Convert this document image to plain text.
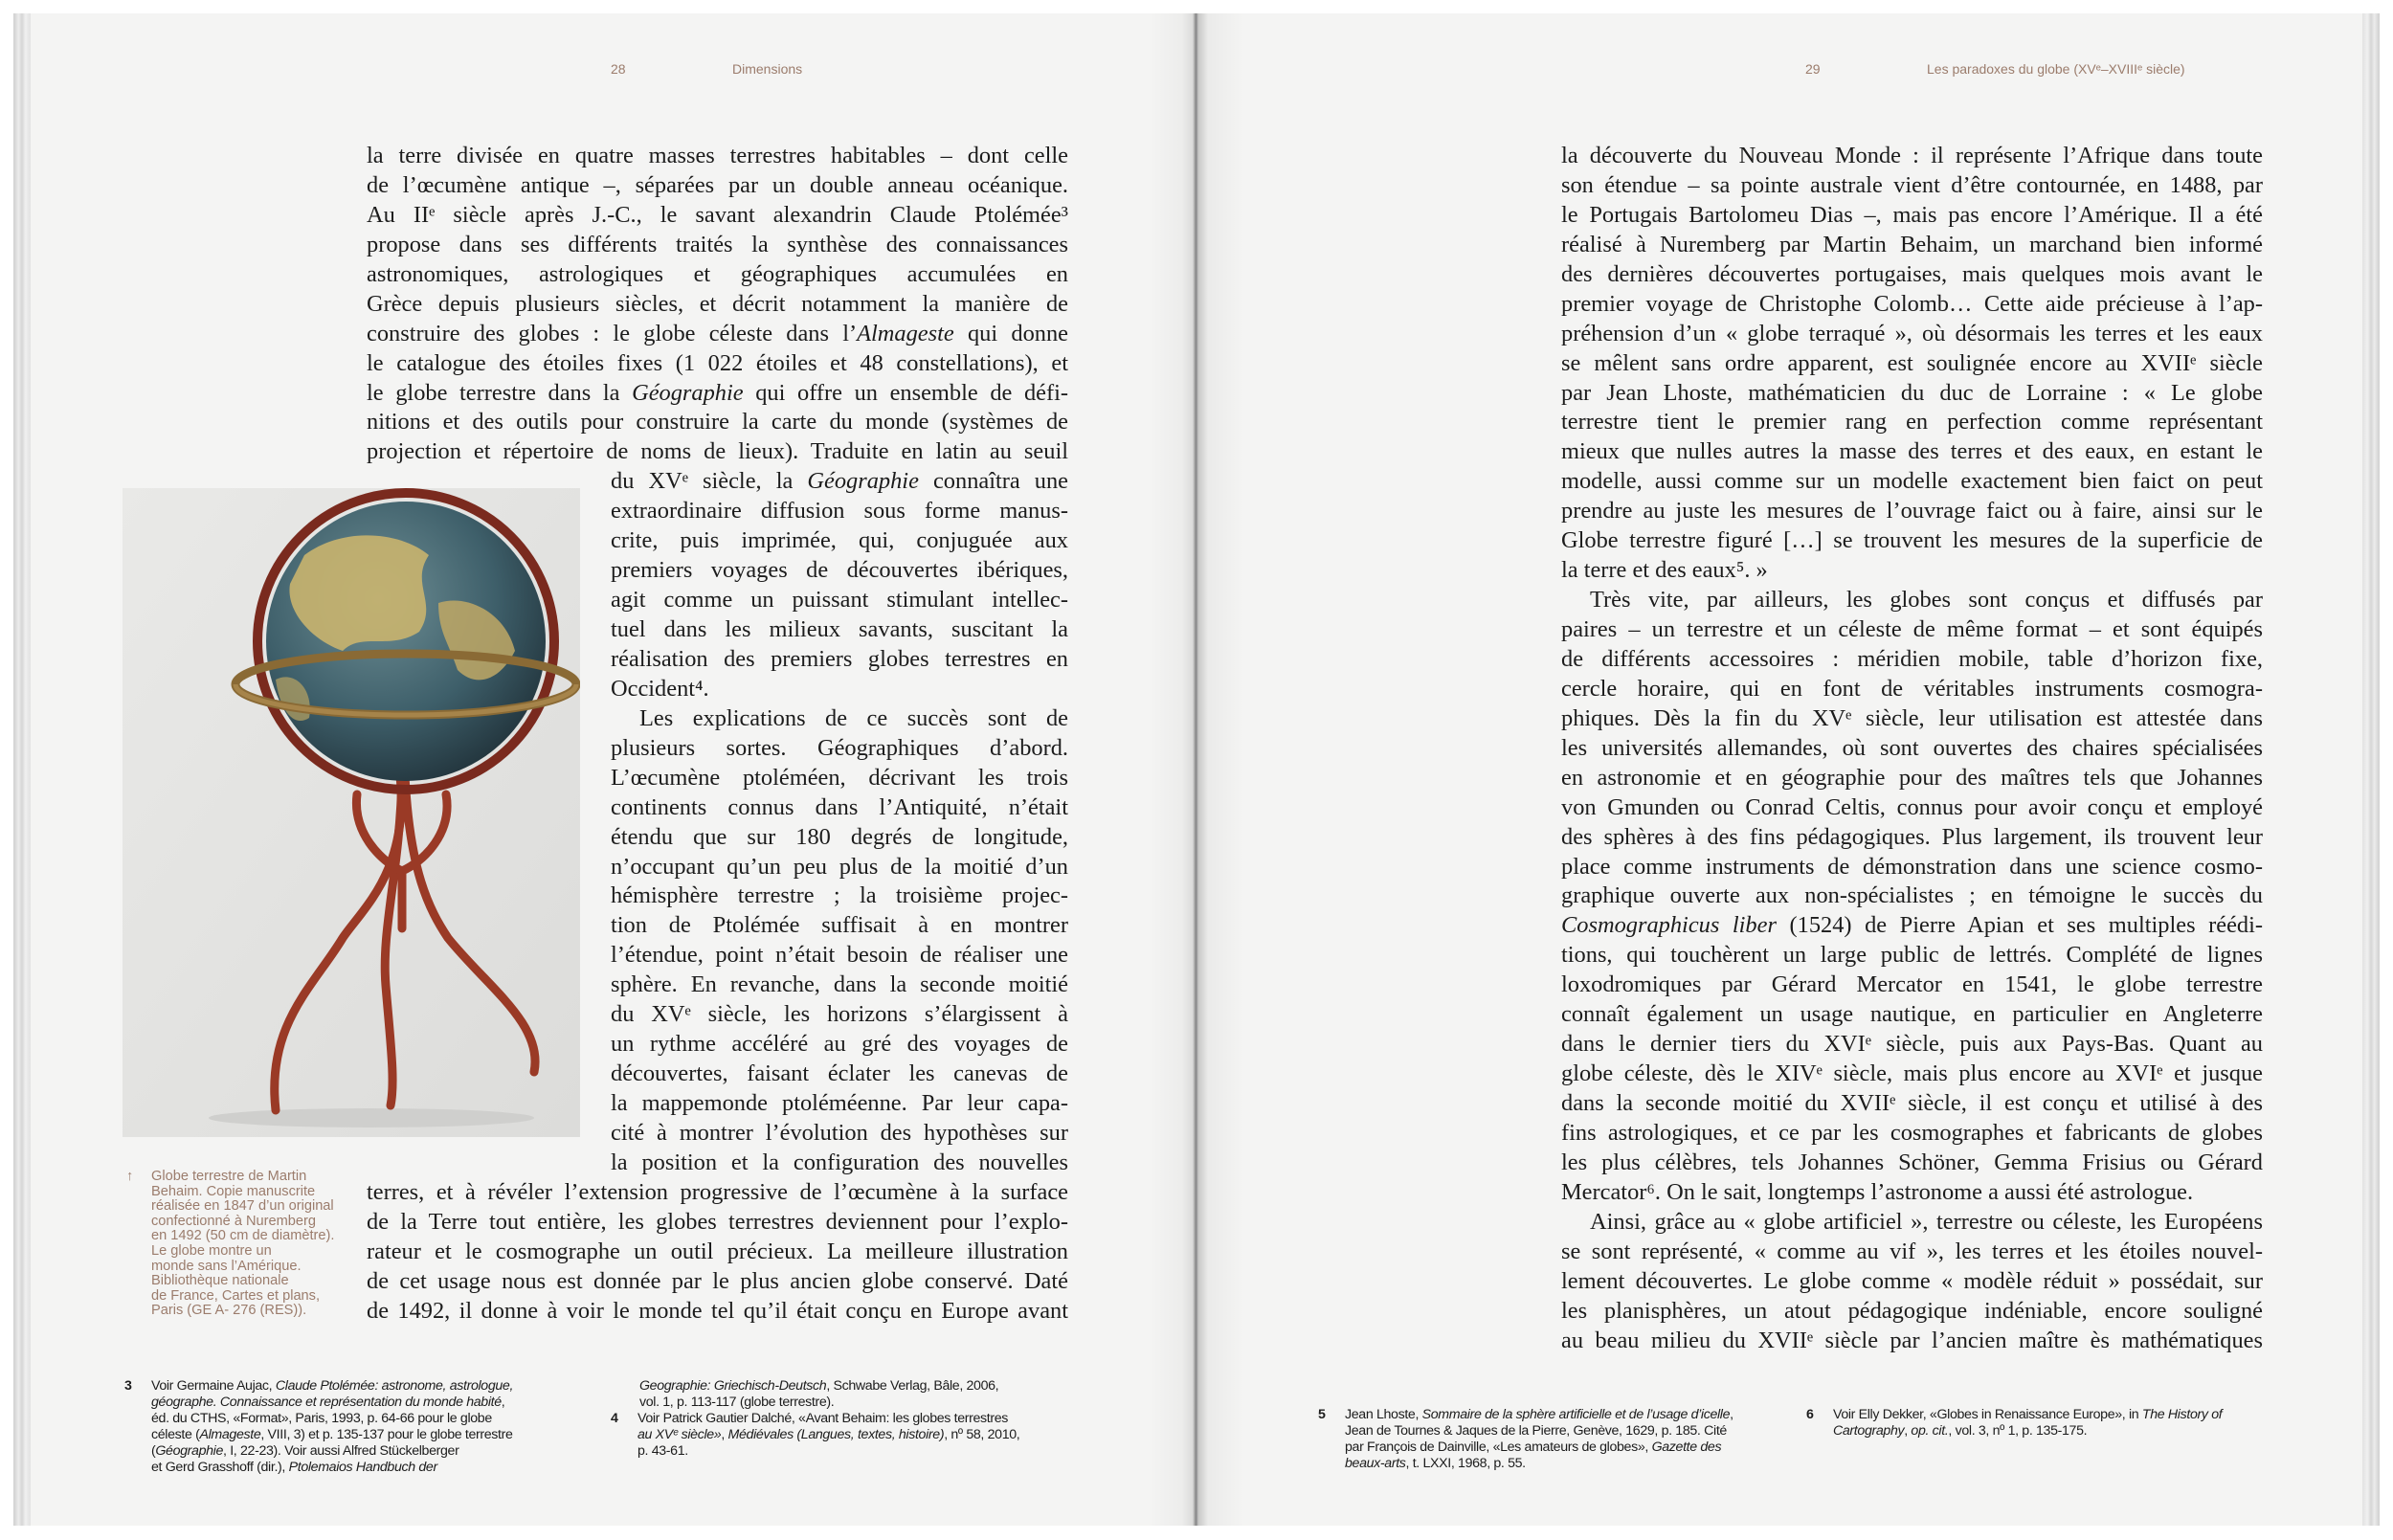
28	Dimensions	29	Les paradoxes du globe (XVᵉ–XVIIIᵉ siècle)
la terre divisée en quatre masses terrestres habitables – dont celle
de l’œcumène antique –, séparées par un double anneau océanique.
Au IIᵉ siècle après J.-C., le savant alexandrin Claude Ptolémée³
propose dans ses différents traités la synthèse des connaissances
astronomiques, astrologiques et géographiques accumulées en
Grèce depuis plusieurs siècles, et décrit notamment la manière de
construire des globes : le globe céleste dans l’Almageste qui donne
le catalogue des étoiles fixes (1 022 étoiles et 48 constellations), et
le globe terrestre dans la Géographie qui offre un ensemble de défi-
nitions et des outils pour construire la carte du monde (systèmes de
projection et répertoire de noms de lieux). Traduite en latin au seuil
du XVᵉ siècle, la Géographie connaîtra une
extraordinaire diffusion sous forme manus-
crite, puis imprimée, qui, conjuguée aux
premiers voyages de découvertes ibériques,
agit comme un puissant stimulant intellec-
tuel dans les milieux savants, suscitant la
réalisation des premiers globes terrestres en
Occident⁴.
Les explications de ce succès sont de
plusieurs sortes. Géographiques d’abord.
L’œcumène ptoléméen, décrivant les trois
continents connus dans l’Antiquité, n’était
étendu que sur 180 degrés de longitude,
n’occupant qu’un peu plus de la moitié d’un
hémisphère terrestre ; la troisième projec-
tion de Ptolémée suffisait à en montrer
l’étendue, point n’était besoin de réaliser une
sphère. En revanche, dans la seconde moitié
du XVᵉ siècle, les horizons s’élargissent à
un rythme accéléré au gré des voyages de
découvertes, faisant éclater les canevas de
la mappemonde ptoléméenne. Par leur capa-
cité à montrer l’évolution des hypothèses sur
la position et la configuration des nouvelles
terres, et à révéler l’extension progressive de l’œcumène à la surface
de la Terre tout entière, les globes terrestres deviennent pour l’explo-
rateur et le cosmographe un outil précieux. La meilleure illustration
de cet usage nous est donnée par le plus ancien globe conservé. Daté
de 1492, il donne à voir le monde tel qu’il était conçu en Europe avant
la découverte du Nouveau Monde : il représente l’Afrique dans toute
son étendue – sa pointe australe vient d’être contournée, en 1488, par
le Portugais Bartolomeu Dias –, mais pas encore l’Amérique. Il a été
réalisé à Nuremberg par Martin Behaim, un marchand bien informé
des dernières découvertes portugaises, mais quelques mois avant le
premier voyage de Christophe Colomb… Cette aide précieuse à l’ap-
préhension d’un « globe terraqué », où désormais les terres et les eaux
se mêlent sans ordre apparent, est soulignée encore au XVIIᵉ siècle
par Jean Lhoste, mathématicien du duc de Lorraine : « Le globe
terrestre tient le premier rang en perfection comme représentant
mieux que nulles autres la masse des terres et des eaux, en estant le
modelle, aussi comme sur un modelle exactement bien faict on peut
prendre au juste les mesures de l’ouvrage faict ou à faire, ainsi sur le
Globe terrestre figuré […] se trouvent les mesures de la superficie de
la terre et des eaux⁵. »
Très vite, par ailleurs, les globes sont conçus et diffusés par
paires – un terrestre et un céleste de même format – et sont équipés
de différents accessoires : méridien mobile, table d’horizon fixe,
cercle horaire, qui en font de véritables instruments cosmogra-
phiques. Dès la fin du XVᵉ siècle, leur utilisation est attestée dans
les universités allemandes, où sont ouvertes des chaires spécialisées
en astronomie et en géographie pour des maîtres tels que Johannes
von Gmunden ou Conrad Celtis, connus pour avoir conçu et employé
des sphères à des fins pédagogiques. Plus largement, ils trouvent leur
place comme instruments de démonstration dans une science cosmo-
graphique ouverte aux non-spécialistes ; en témoigne le succès du
Cosmographicus liber (1524) de Pierre Apian et ses multiples réédi-
tions, qui touchèrent un large public de lettrés. Complété de lignes
loxodromiques par Gérard Mercator en 1541, le globe terrestre
connaît également un usage nautique, en particulier en Angleterre
dans le dernier tiers du XVIᵉ siècle, puis aux Pays-Bas. Quant au
globe céleste, dès le XIVᵉ siècle, mais plus encore au XVIᵉ et jusque
dans la seconde moitié du XVIIᵉ siècle, il est conçu et utilisé à des
fins astrologiques, et ce par les cosmographes et fabricants de globes
les plus célèbres, tels Johannes Schöner, Gemma Frisius ou Gérard
Mercator⁶. On le sait, longtemps l’astronome a aussi été astrologue.
Ainsi, grâce au « globe artificiel », terrestre ou céleste, les Européens
se sont représenté, « comme au vif », les terres et les étoiles nouvel-
lement découvertes. Le globe comme « modèle réduit » possédait, sur
les planisphères, un atout pédagogique indéniable, encore souligné
au beau milieu du XVIIᵉ siècle par l’ancien maître ès mathématiques
↑ Globe terrestre de Martin
Behaim. Copie manuscrite
réalisée en 1847 d’un original
confectionné à Nuremberg
en 1492 (50 cm de diamètre).
Le globe montre un
monde sans l’Amérique.
Bibliothèque nationale
de France, Cartes et plans,
Paris (GE A- 276 (RES)).
3 Voir Germaine Aujac, Claude Ptolémée: astronome, astrologue,
géographe. Connaissance et représentation du monde habité,
éd. du CTHS, «Format», Paris, 1993, p. 64-66 pour le globe
céleste (Almageste, VIII, 3) et p. 135-137 pour le globe terrestre
(Géographie, I, 22-23). Voir aussi Alfred Stückelberger
et Gerd Grasshoff (dir.), Ptolemaios Handbuch der
Geographie: Griechisch-Deutsch, Schwabe Verlag, Bâle, 2006,
vol. 1, p. 113-117 (globe terrestre).
4 Voir Patrick Gautier Dalché, «Avant Behaim: les globes terrestres
au XVᵉ siècle», Médiévales (Langues, textes, histoire), nº 58, 2010,
p. 43-61.
5 Jean Lhoste, Sommaire de la sphère artificielle et de l’usage d’icelle,
Jean de Tournes & Jaques de la Pierre, Genève, 1629, p. 185. Cité
par François de Dainville, «Les amateurs de globes», Gazette des
beaux-arts, t. LXXI, 1968, p. 55.
6 Voir Elly Dekker, «Globes in Renaissance Europe», in The History of
Cartography, op. cit., vol. 3, nº 1, p. 135-175.
